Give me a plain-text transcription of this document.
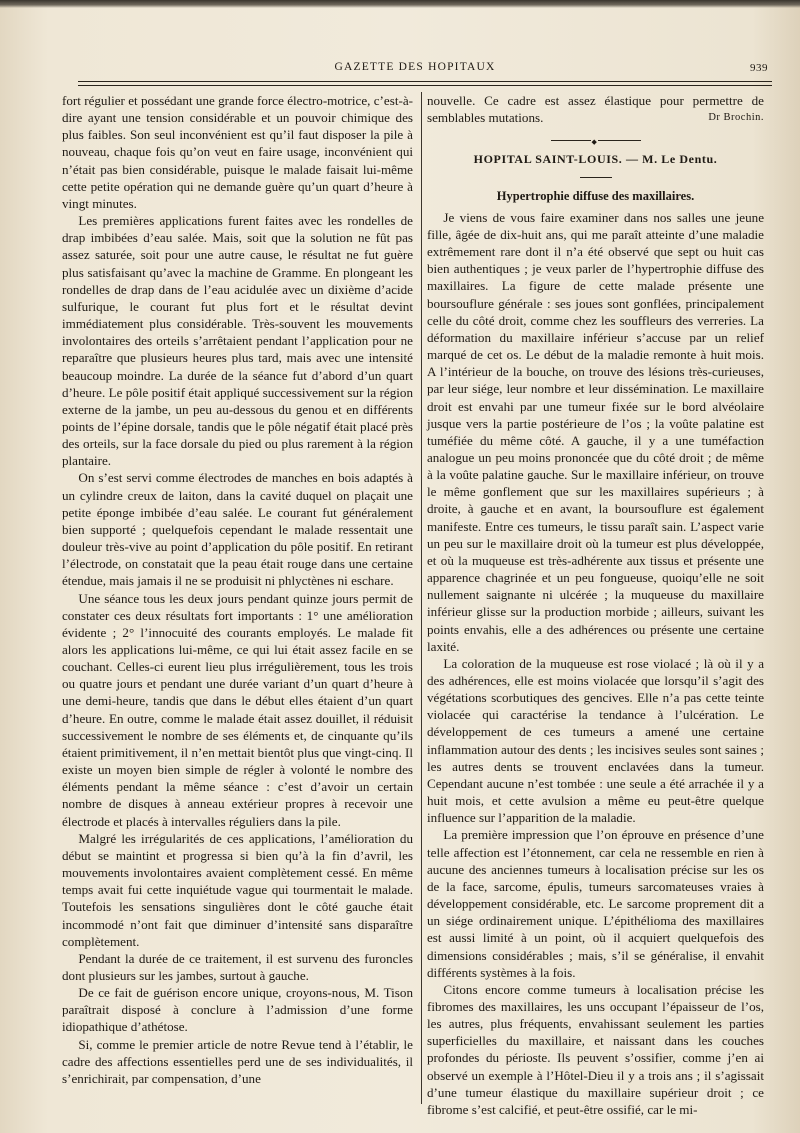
GAZETTE DES HOPITAUX	939

fort régulier et possédant une grande force électro-motrice, c’est-à-dire ayant une tension considérable et un pouvoir chimique des plus faibles. Son seul inconvénient est qu’il faut disposer la pile à nouveau, chaque fois qu’on veut en faire usage, inconvénient qui n’était pas bien considérable, puisque le malade faisait lui-même cette petite opération qui ne demande guère qu’un quart d’heure à vingt minutes.

Les premières applications furent faites avec les rondelles de drap imbibées d’eau salée. Mais, soit que la solution ne fût pas assez saturée, soit pour une autre cause, le résultat ne fut guère plus satisfaisant qu’avec la machine de Gramme. En plongeant les rondelles de drap dans de l’eau acidulée avec un dixième d’acide sulfurique, le courant fut plus fort et le résultat devint immédiatement plus considérable. Très-souvent les mouvements involontaires des orteils s’arrêtaient pendant l’application pour ne reparaître que plusieurs heures plus tard, mais avec une intensité beaucoup moindre. La durée de la séance fut d’abord d’un quart d’heure. Le pôle positif était appliqué successivement sur la région externe de la jambe, un peu au-dessous du genou et en différents points de l’épine dorsale, tandis que le pôle négatif était placé près des orteils, sur la face dorsale du pied ou plus rarement à la région plantaire.

On s’est servi comme électrodes de manches en bois adaptés à un cylindre creux de laiton, dans la cavité duquel on plaçait une petite éponge imbibée d’eau salée. Le courant fut généralement bien supporté ; quelquefois cependant le malade ressentait une douleur très-vive au point d’application du pôle positif. En retirant l’électrode, on constatait que la peau était rouge dans une certaine étendue, mais jamais il ne se produisit ni phlyctènes ni eschare.

Une séance tous les deux jours pendant quinze jours permit de constater ces deux résultats fort importants : 1° une amélioration évidente ; 2° l’innocuité des courants employés. Le malade fit alors les applications lui-même, ce qui lui était assez facile en se couchant. Celles-ci eurent lieu plus irrégulièrement, tous les trois ou quatre jours et pendant une durée variant d’un quart d’heure à une demi-heure, tandis que dans le début elles étaient d’un quart d’heure. En outre, comme le malade était assez douillet, il réduisit successivement le nombre de ses éléments et, de cinquante qu’ils étaient primitivement, il n’en mettait bientôt plus que vingt-cinq. Il existe un moyen bien simple de régler à volonté le nombre des éléments pendant la même séance : c’est d’avoir un certain nombre de disques à anneau extérieur propres à recevoir une électrode et placés à intervalles réguliers dans la pile.

Malgré les irrégularités de ces applications, l’amélioration du début se maintint et progressa si bien qu’à la fin d’avril, les mouvements involontaires avaient complètement cessé. En même temps avait fui cette inquiétude vague qui tourmentait le malade. Toutefois les sensations singulières dont le côté gauche était incommodé n’ont fait que diminuer d’intensité sans disparaître complètement.

Pendant la durée de ce traitement, il est survenu des furoncles dont plusieurs sur les jambes, surtout à gauche.

De ce fait de guérison encore unique, croyons-nous, M. Tison paraîtrait disposé à conclure à l’admission d’une forme idiopathique d’athétose.

Si, comme le premier article de notre Revue tend à l’établir, le cadre des affections essentielles perd une de ses individualités, il s’enrichirait, par compensation, d’une

nouvelle. Ce cadre est assez élastique pour permettre de semblables mutations.	Dr Brochin.

◆

HOPITAL SAINT-LOUIS. — M. Le Dentu.

Hypertrophie diffuse des maxillaires.

Je viens de vous faire examiner dans nos salles une jeune fille, âgée de dix-huit ans, qui me paraît atteinte d’une maladie extrêmement rare dont il n’a été observé que sept ou huit cas bien authentiques ; je veux parler de l’hypertrophie diffuse des maxillaires. La figure de cette malade présente une boursouflure générale : ses joues sont gonflées, principalement celle du côté droit, comme chez les souffleurs des verreries. La déformation du maxillaire inférieur s’accuse par un relief marqué de cet os. Le début de la maladie remonte à huit mois. A l’intérieur de la bouche, on trouve des lésions très-curieuses, par leur siége, leur nombre et leur dissémination. Le maxillaire droit est envahi par une tumeur fixée sur le bord alvéolaire jusque vers la partie postérieure de l’os ; la voûte palatine est tuméfiée du même côté. A gauche, il y a une tuméfaction analogue un peu moins prononcée que du côté droit ; de même à la voûte palatine gauche. Sur le maxillaire inférieur, on trouve le même gonflement que sur les maxillaires supérieurs ; à droite, à gauche et en avant, la boursouflure est également manifeste. Entre ces tumeurs, le tissu paraît sain. L’aspect varie un peu sur le maxillaire droit où la tumeur est plus développée, et où la muqueuse est très-adhérente aux tissus et présente une apparence chagrinée et un peu fongueuse, quoiqu’elle ne soit nullement saignante ni ulcérée ; la muqueuse du maxillaire inférieur glisse sur la production morbide ; ailleurs, suivant les points envahis, elle a des adhérences ou présente une certaine laxité.

La coloration de la muqueuse est rose violacé ; là où il y a des adhérences, elle est moins violacée que lorsqu’il s’agit des végétations scorbutiques des gencives. Elle n’a pas cette teinte violacée qui caractérise la tendance à l’ulcération. Le développement de ces tumeurs a amené une certaine inflammation autour des dents ; les incisives seules sont saines ; les autres dents se trouvent enclavées dans la tumeur. Cependant aucune n’est tombée : une seule a été arrachée il y a huit mois, et cette avulsion a même eu peut-être quelque influence sur l’apparition de la maladie.

La première impression que l’on éprouve en présence d’une telle affection est l’étonnement, car cela ne ressemble en rien à aucune des anciennes tumeurs à localisation précise sur les os de la face, sarcome, épulis, tumeurs sarcomateuses vraies à développement considérable, etc. Le sarcome proprement dit a un siége ordinairement unique. L’épithélioma des maxillaires est aussi limité à un point, où il acquiert quelquefois des dimensions considérables ; mais, s’il se généralise, il envahit différents systèmes à la fois.

Citons encore comme tumeurs à localisation précise les fibromes des maxillaires, les uns occupant l’épaisseur de l’os, les autres, plus fréquents, envahissant seulement les parties superficielles du maxillaire, et naissant dans les couches profondes du périoste. Ils peuvent s’ossifier, comme j’en ai observé un exemple à l’Hôtel-Dieu il y a trois ans ; il s’agissait d’une tumeur élastique du maxillaire supérieur droit ; ce fibrome s’est calcifié, et peut-être ossifié, car le mi-
